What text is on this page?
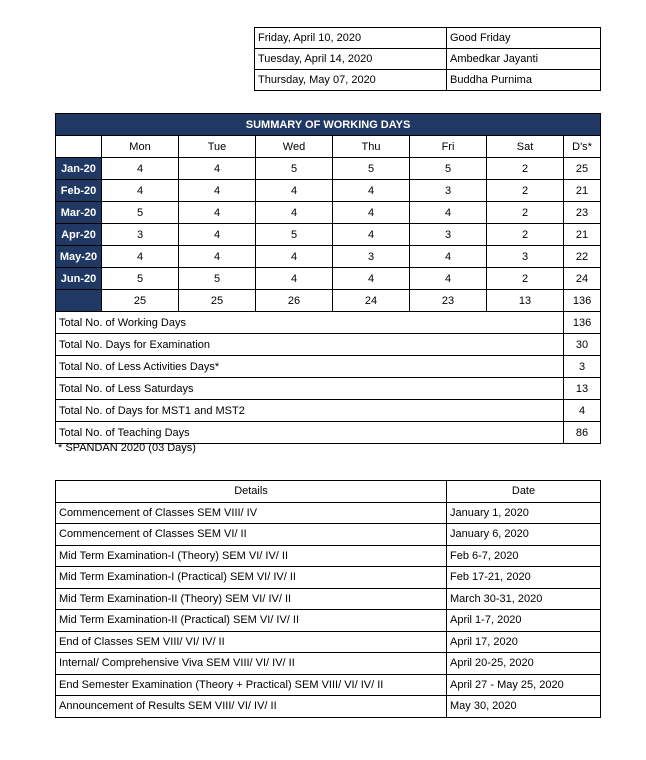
Friday, April 10, 2020	Good Friday
Tuesday, April 14, 2020	Ambedkar Jayanti
Thursday, May 07, 2020	Buddha Purnima
SUMMARY OF WORKING DAYS							
	Mon	Tue	Wed	Thu	Fri	Sat	D's*
Jan-20	4	4	5	5	5	2	25
Feb-20	4	4	4	4	3	2	21
Mar-20	5	4	4	4	4	2	23
Apr-20	3	4	5	4	3	2	21
May-20	4	4	4	3	4	3	22
Jun-20	5	5	4	4	4	2	24
	25	25	26	24	23	13	136
Total No. of Working Days							136
Total No. Days for Examination							30
Total No. of Less Activities Days*							3
Total No. of Less Saturdays							13
Total No. of Days for MST1 and MST2							4
Total No. of Teaching Days							86
* SPANDAN 2020 (03 Days)
Details	Date
Commencement of Classes SEM VIII/ IV	January 1, 2020
Commencement of Classes SEM VI/ II	January 6, 2020
Mid Term Examination-I (Theory) SEM VI/ IV/ II	Feb 6-7, 2020
Mid Term Examination-I (Practical) SEM VI/ IV/ II	Feb 17-21, 2020
Mid Term Examination-II (Theory) SEM VI/ IV/ II	March 30-31, 2020
Mid Term Examination-II (Practical) SEM VI/ IV/ II	April 1-7, 2020
End of Classes SEM VIII/ VI/ IV/ II	April 17, 2020
Internal/ Comprehensive Viva SEM VIII/ VI/ IV/ II	April 20-25, 2020
End Semester Examination (Theory + Practical) SEM VIII/ VI/ IV/ II	April 27 - May 25, 2020
Announcement of Results SEM VIII/ VI/ IV/ II	May 30, 2020
